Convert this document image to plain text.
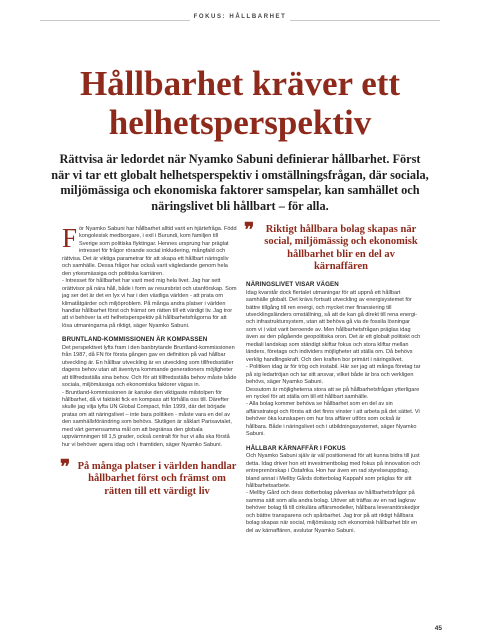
FOKUS: HÅLLBARHET
Hållbarhet kräver ett helhetsperspektiv

Rättvisa är ledordet när Nyamko Sabuni definierar hållbarhet. Först när vi tar ett globalt helhetsperspektiv i omställningsfrågan, där sociala, miljömässiga och ekonomiska faktorer samspelar, kan samhället och näringslivet bli hållbart – för alla.

För Nyamko Sabuni har hållbarhet alltid varit en hjärtefråga. Född kongolesisk medborgare, i exil i Burundi, kom familjen till Sverige som politiska flyktingar. Hennes ursprung har präglat intresset för frågor rörande social inkludering, mångfald och rättvisa. Det är viktiga parametrar för att skapa ett hållbart näringsliv och samhälle. Dessa frågor har också varit vägledande genom hela den yrkesmässiga och politiska karriären.

- Intresset för hållbarhet har varit med mig hela livet. Jag har sett orättvisor på nära håll, både i form av resursbrist och utanförskap. Som jag ser det är det en lyx vi har i den västliga världen - att prata om klimatåtgärder och miljöproblem. På många andra platser i världen handlar hållbarhet först och främst om rätten till ett värdigt liv. Jag tror att vi behöver ta ett helhetsperspektiv på hållbarhetsfrågorna för att lösa utmaningarna på riktigt, säger Nyamko Sabuni.

BRUNTLAND-KOMMISSIONEN ÄR KOMPASSEN

Det perspektivet lyfts fram i den banbrytande Bruntland-kommissionen från 1987, då FN för första gången gav en definition på vad hållbar utveckling är. En hållbar utveckling är en utveckling som tillfredsställer dagens behov utan att äventyra kommande generationers möjligheter att tillfredsställa sina behov. Och för att tillfredsställa behov måste både sociala, miljömässiga och ekonomiska faktorer vägas in.

- Bruntland-kommissionen är kanske den viktigaste milstolpen för hållbarhet, då vi faktiskt fick en kompass att förhålla oss till. Därefter skulle jag vilja lyfta UN Global Compact, från 1999, där det började pratas om att näringslivet – inte bara politiken - måste vara en del av den samhällsförändring som behövs. Slutligen är såklart Parisavtalet, med värt gemensamma mål om att begränsa den globala uppvärmningen till 1,5 grader, också centralt för hur vi alla ska förstå hur vi behöver agera idag och i framtiden, säger Nyamko Sabuni.

❞ På många platser i världen handlar hållbarhet först och främst om rätten till ett värdigt liv
❞ Riktigt hållbara bolag skapas när social, miljömässig och ekonomisk hållbarhet blir en del av kärnaffären

NÄRINGSLIVET VISAR VÄGEN

Idag kvarstår dock flertalet utmaningar för att uppnå ett hållbart samhälle globalt. Det krävs fortsatt utveckling av energisystemet för bättre tillgång till ren energi, och mycket mer finansiering till utvecklingsländers omställning, så att de kan gå direkt till rena energi- och infrastruktursystem, utan att behöva gå via de fossila lösningar som vi i väst varit beroende av. Men hållbarhetsfrågan präglas idag även av den pågående geopolitiska oron. Det är ett globalt politiskt och mediali landskap som ständigt skiftar fokus och stora kliftar mellan länders, företags och individers möjligheter att ställa om. Då behövs verklig handlingskraft. Och den kraften bor primärt i näringslivet.

- Politiken idag är för trög och instabil. Här ser jag att många företag tar på sig ledartröjan och tar sitt ansvar, vilket både är bra och verkligen behövs, säger Nyamko Sabuni.

Dessutom är möjligheterna stora att se på hållbarhetsfrågan ytterligare en nyckel för att ställa om till ett hållbart samhälle.

- Alla bolag kommer behöva se hållbarhet som en del av sin affärsstrategi och första att det finns vinster i att arbeta på det sättet. Vi behöver öka kunskapen om hur bra affärer utförs som också är hållbara. Både i näringslivet och i utbildningssystemet, säger Nyamko Sabuni.

HÅLLBAR KÄRNAFFÄR I FOKUS

Och Nyamko Sabuni själv är väl positionerad för att kunna bidra till just detta. Idag driver hon ett investmentbolag med fokus på innovation och entreprenörskap i Östafrika. Hon har även en rad styrelseuppdrag, bland annat i Mellby Gårds dotterbolag Kappahl som präglas för sitt hållbarhetsarbete.

- Mellby Gård och dess dotterbolag påverkas av hållbarhetsfrågor på samma sätt som alla andra bolag. Utöver att träffas av en rad lagkrav behöver bolag få till cirkulära affärsmodeller, hållbara leverantörskedjor och bättre transparens och spårbarhet. Jag tror på att riktigt hållbara bolag skapas när social, miljömässig och ekonomisk hållbarhet blir en del av kärnaffären, avslutar Nyamko Sabuni.

45
